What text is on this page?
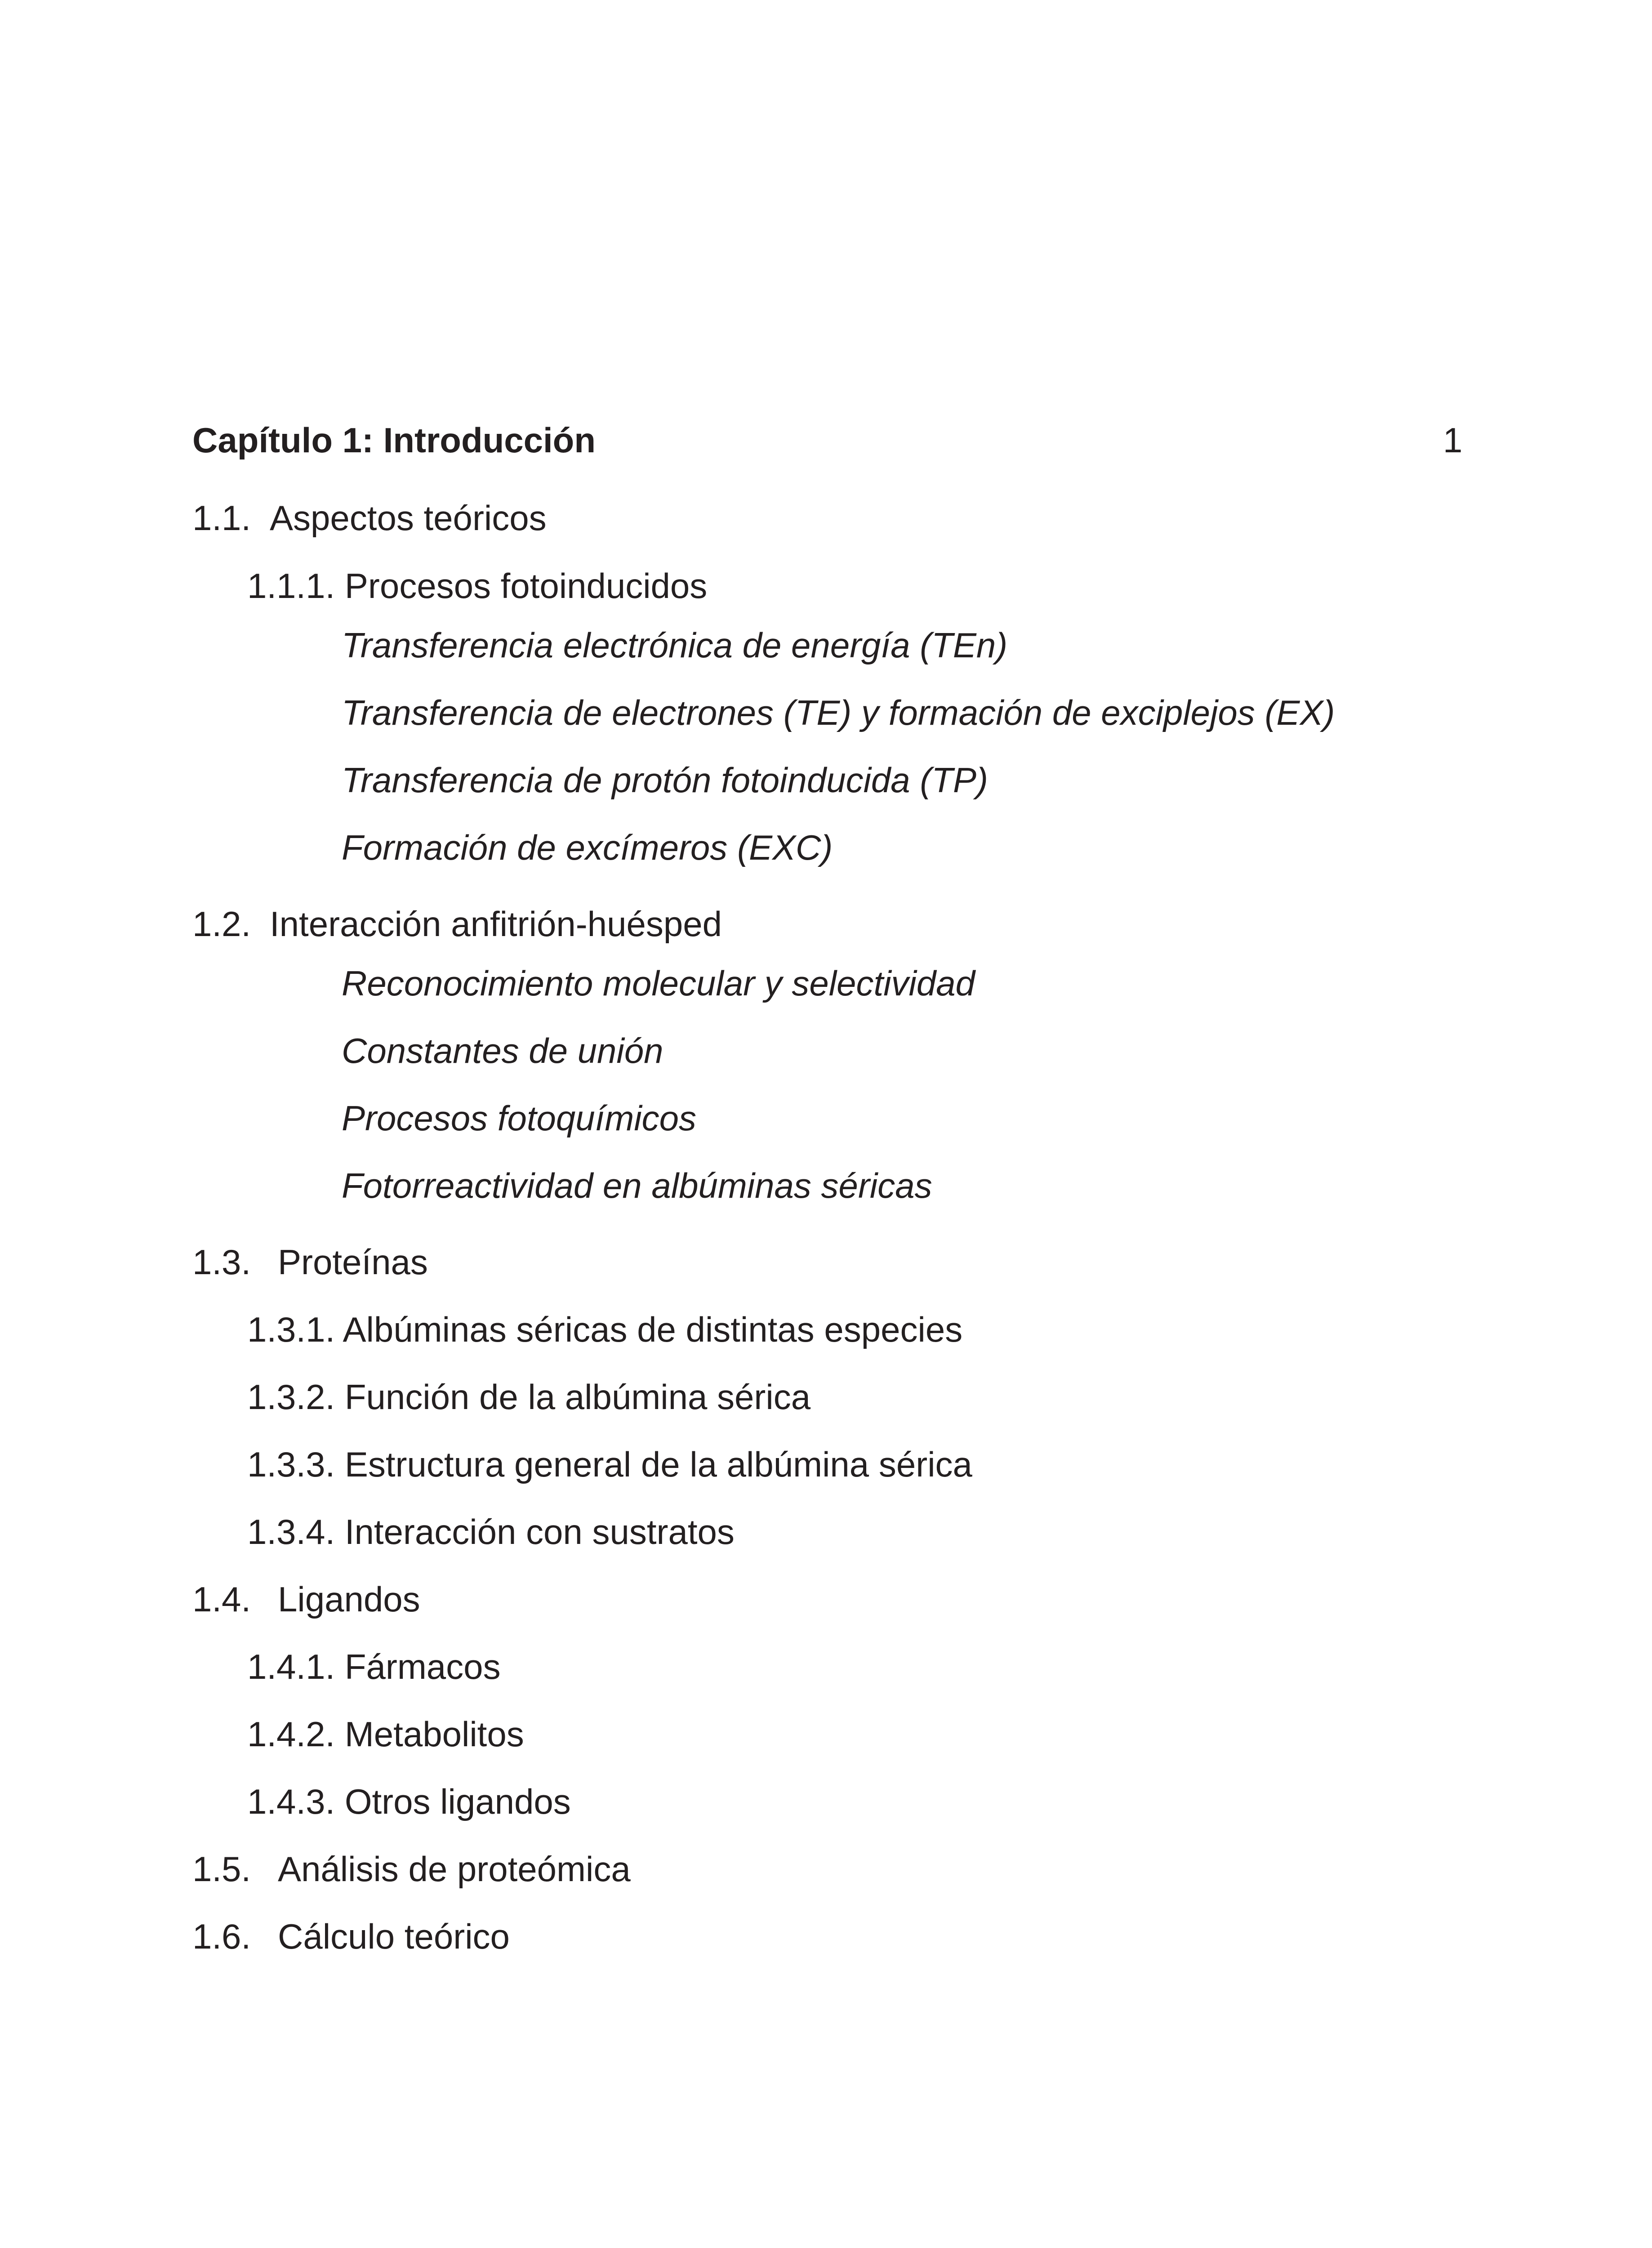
Capítulo 1: Introducción	1
1.1. Aspectos teóricos
1.1.1. Procesos fotoinducidos
Transferencia electrónica de energía (TEn)
Transferencia de electrones (TE) y formación de exciplejos (EX)
Transferencia de protón fotoinducida (TP)
Formación de excímeros (EXC)
1.2. Interacción anfitrión-huésped
Reconocimiento molecular y selectividad
Constantes de unión
Procesos fotoquímicos
Fotorreactividad en albúminas séricas
1.3. Proteínas
1.3.1. Albúminas séricas de distintas especies
1.3.2. Función de la albúmina sérica
1.3.3. Estructura general de la albúmina sérica
1.3.4. Interacción con sustratos
1.4. Ligandos
1.4.1. Fármacos
1.4.2. Metabolitos
1.4.3. Otros ligandos
1.5. Análisis de proteómica
1.6. Cálculo teórico
